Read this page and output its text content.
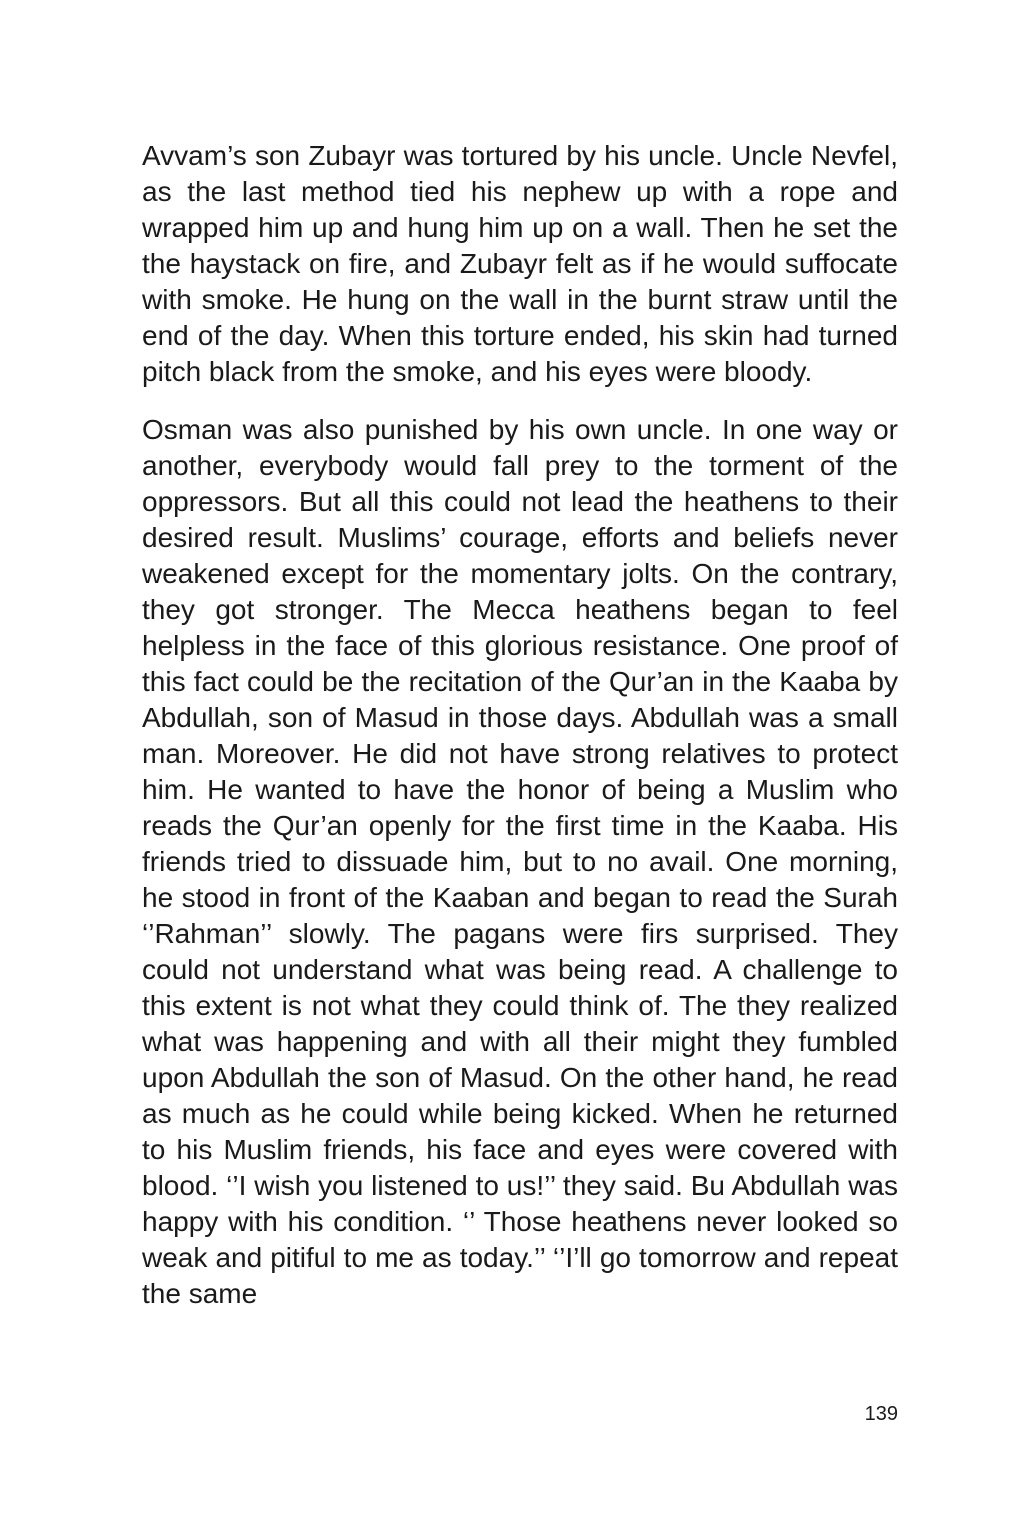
Avvam’s son Zubayr was tortured by his uncle. Uncle Nevfel, as the last method tied his nephew up with a rope and wrapped him up and hung him up on a wall. Then he set the the haystack on fire, and Zubayr felt as if he would suffocate with smoke. He hung on the wall in the burnt straw until the end of the day. When this torture ended, his skin had turned pitch black from the smoke, and his eyes were bloody.

Osman was also punished by his own uncle. In one way or another, everybody would fall prey to the torment of the oppressors. But all this could not lead the heathens to their desired result. Muslims’ courage, efforts and beliefs never weakened except for the momentary jolts. On the contrary, they got stronger. The Mecca heathens began to feel helpless in the face of this glorious resistance. One proof of this fact could be the recitation of the Qur’an in the Kaaba by Abdullah, son of Masud in those days. Abdullah was a small man. Moreover. He did not have strong relatives to protect him. He wanted to have the honor of being a Muslim who reads the Qur’an openly for the first time in the Kaaba. His friends tried to dissuade him, but to no avail. One morning, he stood in front of the Kaaban and began to read the Surah ‘’Rahman’’ slowly. The pagans were firs surprised. They could not understand what was being read. A challenge to this extent is not what they could think of. The they realized what was happening and with all their might they fumbled upon Abdullah the son of Masud. On the other hand, he read as much as he could while being kicked. When he returned to his Muslim friends, his face and eyes were covered with blood. ‘’I wish you listened to us!’’ they said. Bu Abdullah was happy with his condition. ‘’ Those heathens never looked so weak and pitiful to me as today.’’ ‘’I’ll go tomorrow and repeat the same

139
